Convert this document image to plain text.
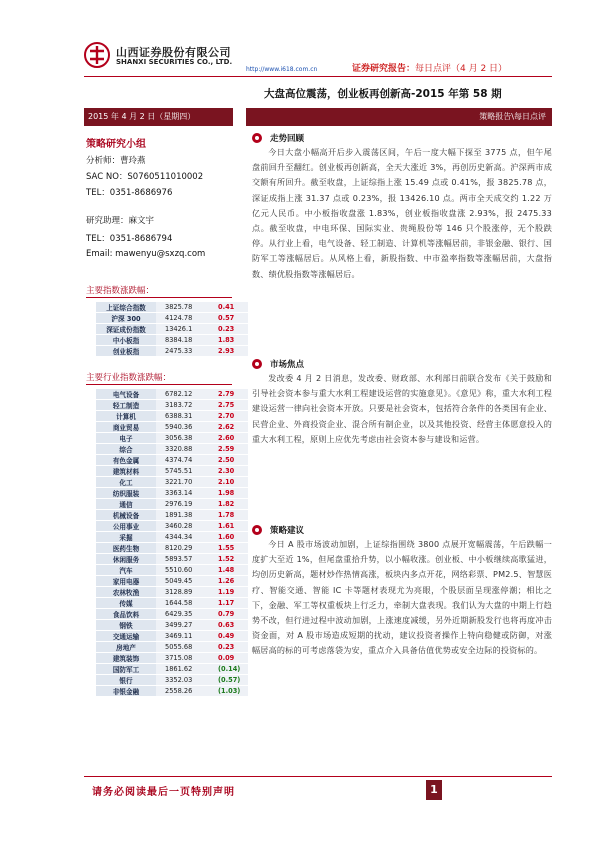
山西证券股份有限公司
SHANXI SECURITIES CO., LTD.
http://www.i618.com.cn	证券研究报告：每日点评（4 月 2 日）
大盘高位震荡，创业板再创新高-2015 年第 58 期
2015 年 4 月 2 日（星期四）	策略报告\每日点评
策略研究小组
分析师：曹玲燕
SAC NO：S0760511010002
TEL：0351-8686976
研究助理：麻文宇
TEL：0351-8686794
Email: mawenyu@sxzq.com
主要指数涨跌幅：
上证综合指数	3825.78	0.41
沪深 300	4124.78	0.57
深证成份指数	13426.1	0.23
中小板指	8384.18	1.83
创业板指	2475.33	2.93
主要行业指数涨跌幅：
电气设备	6782.12	2.79
轻工制造	3183.72	2.75
计算机	6388.31	2.70
商业贸易	5940.36	2.62
电子	3056.38	2.60
综合	3320.88	2.59
有色金属	4374.74	2.50
建筑材料	5745.51	2.30
化工	3221.70	2.10
纺织服装	3363.14	1.98
通信	2976.19	1.82
机械设备	1891.38	1.78
公用事业	3460.28	1.61
采掘	4344.34	1.60
医药生物	8120.29	1.55
休闲服务	5893.57	1.52
汽车	5510.60	1.48
家用电器	5049.45	1.26
农林牧渔	3128.89	1.19
传媒	1644.58	1.17
食品饮料	6429.35	0.79
钢铁	3499.27	0.63
交通运输	3469.11	0.49
房地产	5055.68	0.23
建筑装饰	3715.08	0.09
国防军工	1861.62	(0.14)
银行	3352.03	(0.57)
非银金融	2558.26	(1.03)
走势回顾
今日大盘小幅高开后步入震荡区间，午后一度大幅下探至 3775 点，但午尾盘前回升至翻红。创业板再创新高，全天大涨近 3%，再创历史新高。沪深两市成交额有所回升。截至收盘，上证综指上涨 15.49 点或 0.41%，报 3825.78 点，深证成指上涨 31.37 点或 0.23%，报 13426.10 点。两市全天成交约 1.22 万亿元人民币。中小板指收盘涨 1.83%，创业板指收盘涨 2.93%，报 2475.33 点。截至收盘，中电环保、国际实业、贵绳股份等 146 只个股涨停，无个股跌停。从行业上看，电气设备、轻工制造、计算机等涨幅居前，非银金融、银行、国防军工等涨幅居后。从风格上看，新股指数、中市盈率指数等涨幅居前，大盘指数、绩优股指数等涨幅居后。
市场焦点
发改委 4 月 2 日消息，发改委、财政部、水利部日前联合发布《关于鼓励和引导社会资本参与重大水利工程建设运营的实施意见》。《意见》称，重大水利工程建设运营一律向社会资本开放。只要是社会资本，包括符合条件的各类国有企业、民营企业、外商投资企业、混合所有制企业，以及其他投资、经营主体愿意投入的重大水利工程，原则上应优先考虑由社会资本参与建设和运营。
策略建议
今日 A 股市场波动加剧，上证综指围绕 3800 点展开宽幅震荡，午后跌幅一度扩大至近 1%，但尾盘重拾升势，以小幅收涨。创业板、中小板继续高歌猛进，均创历史新高，题材炒作热情高涨，板块内多点开花，网络彩票、PM2.5、智慧医疗、智能交通、智能 IC 卡等题材表现尤为亮眼，个股层面呈现涨停潮；相比之下，金融、军工等权重板块上行乏力，牵制大盘表现。我们认为大盘的中期上行趋势不改，但行进过程中波动加剧，上涨速度减缓，另外近期新股发行也将再度冲击资金面，对 A 股市场造成短期的扰动，建议投资者操作上特向稳健或防御，对涨幅居高的标的可考虑落袋为安，重点介入具备估值优势或安全边际的投资标的。
请务必阅读最后一页特别声明	1
